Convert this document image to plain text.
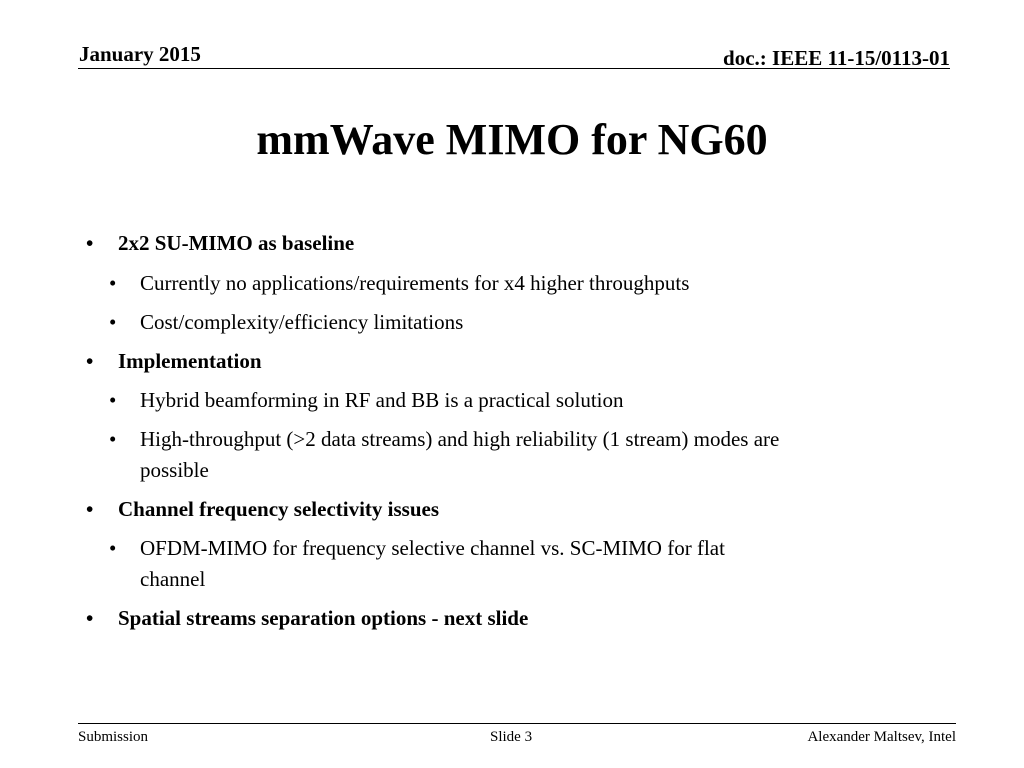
January 2015	doc.: IEEE 11-15/0113-01
mmWave MIMO for NG60
• 2x2 SU-MIMO as baseline
• Currently no applications/requirements for x4 higher throughputs
• Cost/complexity/efficiency limitations
• Implementation
• Hybrid beamforming in RF and BB is a practical solution
• High-throughput (>2 data streams) and high reliability (1 stream) modes are
possible
• Channel frequency selectivity issues
• OFDM-MIMO for frequency selective channel vs. SC-MIMO for flat
channel
• Spatial streams separation options - next slide
Submission	Slide 3	Alexander Maltsev, Intel
